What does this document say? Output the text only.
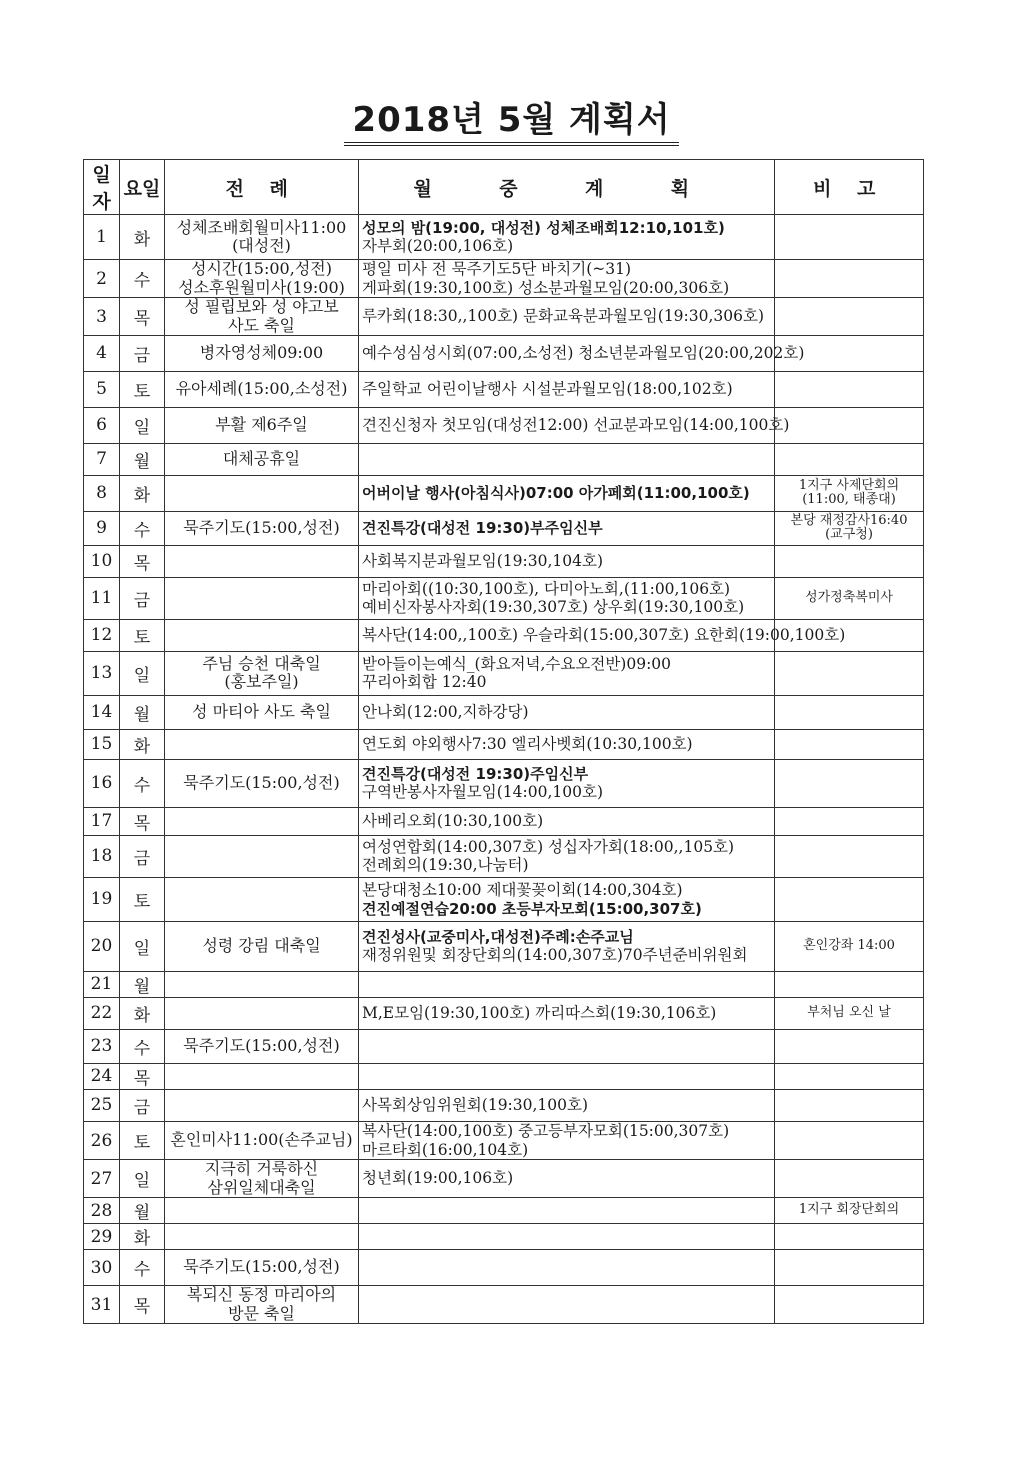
2018년 5월 계획서
일자	요일	전 례	월 중 계 획	비 고
1	화	성체조배회월미사11:00
(대성전)	성모의 밤(19:00, 대성전) 성체조배회12:10,101호)
자부회(20:00,106호)	

2	수	성시간(15:00,성전)
성소후원월미사(19:00)	평일 미사 전 묵주기도5단 바치기(~31)
게파회(19:30,100호) 성소분과월모임(20:00,306호)	

3	목	성 필립보와 성 야고보
사도 축일	루카회(18:30,,100호) 문화교육분과월모임(19:30,306호)	

4	금	병자영성체09:00	예수성심성시회(07:00,소성전) 청소년분과월모임(20:00,202호)	

5	토	유아세례(15:00,소성전)	주일학교 어린이날행사 시설분과월모임(18:00,102호)	

6	일	부활 제6주일	견진신청자 첫모임(대성전12:00) 선교분과모임(14:00,100호)	

7	월	대체공휴일		

8	화		어버이날 행사(아침식사)07:00 아가페회(11:00,100호)	1지구 사제단회의
(11:00, 태종대)

9	수	묵주기도(15:00,성전)	견진특강(대성전 19:30)부주임신부	본당 재정감사16:40
(교구청)

10	목		사회복지분과월모임(19:30,104호)	

11	금		마리아회((10:30,100호), 다미아노회,(11:00,106호)
예비신자봉사자회(19:30,307호) 상우회(19:30,100호)	성가정축복미사

12	토		복사단(14:00,,100호) 우슬라회(15:00,307호) 요한회(19:00,100호)	

13	일	주님 승천 대축일
(홍보주일)	받아들이는예식_(화요저녁,수요오전반)09:00
꾸리아회합 12:40	

14	월	성 마티아 사도 축일	안나회(12:00,지하강당)	

15	화		연도회 야외행사7:30 엘리사벳회(10:30,100호)	

16	수	묵주기도(15:00,성전)	견진특강(대성전 19:30)주임신부
구역반봉사자월모임(14:00,100호)	

17	목		사베리오회(10:30,100호)	

18	금		여성연합회(14:00,307호) 성십자가회(18:00,,105호)
전례회의(19:30,나눔터)	

19	토		본당대청소10:00 제대꽃꽂이회(14:00,304호)
견진예절연습20:00 초등부자모회(15:00,307호)	

20	일	성령 강림 대축일	견진성사(교중미사,대성전)주례:손주교님
재정위원및 회장단회의(14:00,307호)70주년준비위원회	혼인강좌 14:00

21	월			
22	화		M,E모임(19:30,100호) 까리따스회(19:30,106호)	부처님 오신 날

23	수	묵주기도(15:00,성전)		

24	목			
25	금		사목회상임위원회(19:30,100호)	

26	토	혼인미사11:00(손주교님)	복사단(14:00,100호) 중고등부자모회(15:00,307호)
마르타회(16:00,104호)	

27	일	지극히 거룩하신
삼위일체대축일	청년회(19:00,106호)	

28	월			1지구 회장단회의

29	화			
30	수	묵주기도(15:00,성전)		

31	목	복되신 동정 마리아의
방문 축일		
